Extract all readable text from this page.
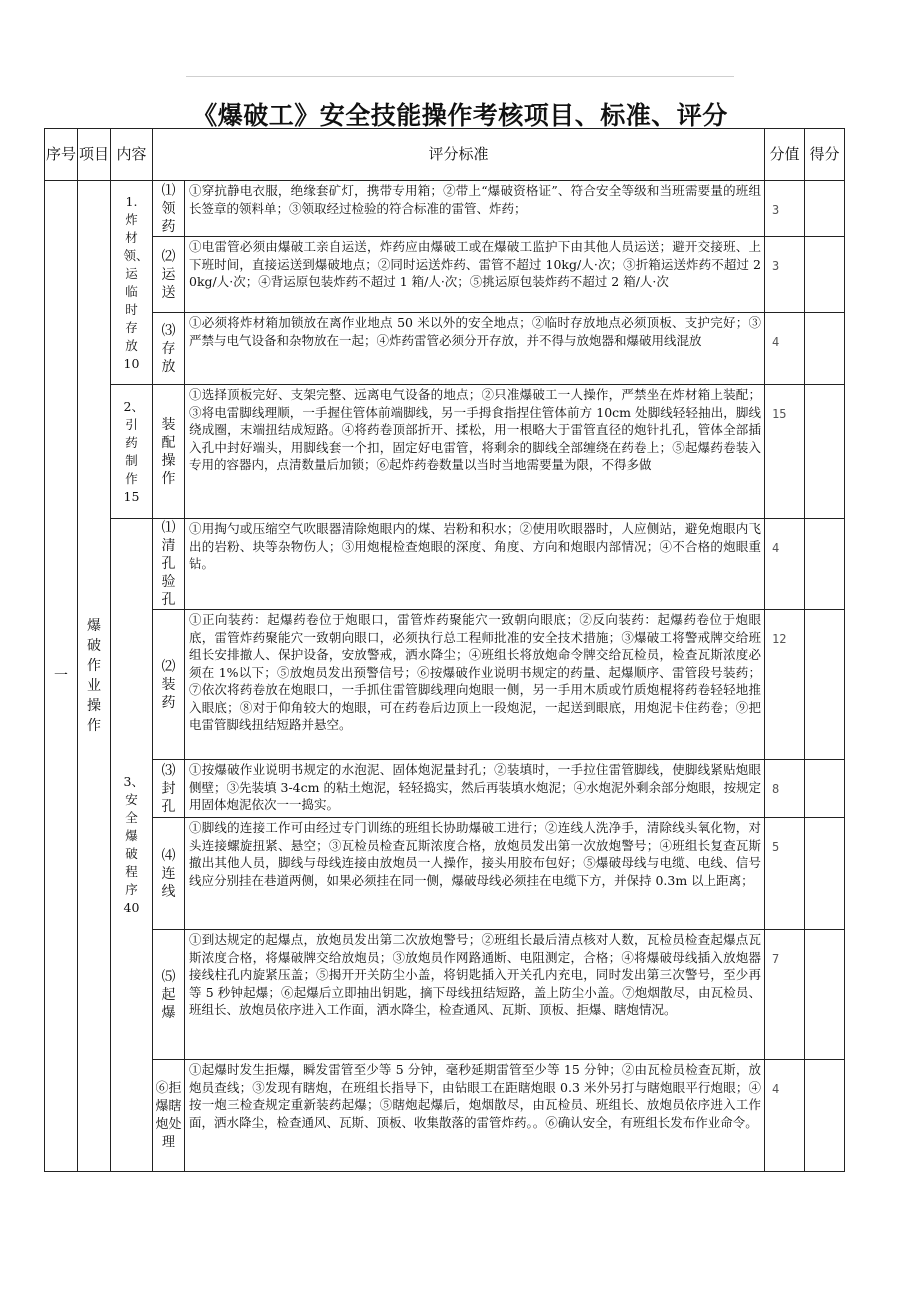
《爆破工》安全技能操作考核项目、标准、评分
序号	项目	内容	评分标准		分值	得分
一	爆破作业操作	1.炸材领、运临时存放10	⑴领药	①穿抗静电衣服，绝缘套矿灯，携带专用箱；②带上“爆破资格证”、符合安全等级和当班需要量的班组长签章的领料单；③领取经过检验的符合标准的雷管、炸药；	3	

			⑵运送	①电雷管必须由爆破工亲自运送，炸药应由爆破工或在爆破工监护下由其他人员运送；避开交接班、上下班时间，直接运送到爆破地点；②同时运送炸药、雷管不超过 10kg/人·次；③折箱运送炸药不超过 20kg/人·次；④背运原包装炸药不超过 1 箱/人·次；⑤挑运原包装炸药不超过 2 箱/人·次	3	

			⑶存放	①必须将炸材箱加锁放在离作业地点 50 米以外的安全地点；②临时存放地点必须顶板、支护完好；③严禁与电气设备和杂物放在一起；④炸药雷管必须分开存放，并不得与放炮器和爆破用线混放	4	

		2、引药制作15	装配操作	①选择顶板完好、支架完整、远离电气设备的地点；②只准爆破工一人操作，严禁坐在炸材箱上装配；③将电雷脚线理顺，一手握住管体前端脚线，另一手拇食指捏住管体前方 10cm 处脚线轻轻抽出，脚线绕成圈，末端扭结成短路。④将药卷顶部折开、揉松，用一根略大于雷管直径的炮针扎孔，管体全部插入孔中封好端头，用脚线套一个扣，固定好电雷管，将剩余的脚线全部缠绕在药卷上；⑤起爆药卷装入专用的容器内，点清数量后加锁；⑥起炸药卷数量以当时当地需要量为限，不得多做	15	

		3、安全爆破程序40	⑴清孔验孔	①用掏勺或压缩空气吹眼器清除炮眼内的煤、岩粉和积水；②使用吹眼器时，人应侧站，避免炮眼内飞出的岩粉、块等杂物伤人；③用炮棍检查炮眼的深度、角度、方向和炮眼内部情况；④不合格的炮眼重钻。	4	

			⑵装药	①正向装药：起爆药卷位于炮眼口，雷管炸药聚能穴一致朝向眼底；②反向装药：起爆药卷位于炮眼底，雷管炸药聚能穴一致朝向眼口，必须执行总工程师批准的安全技术措施；③爆破工将警戒牌交给班组长安排撤人、保护设备，安放警戒，洒水降尘；④班组长将放炮命令牌交给瓦检员，检查瓦斯浓度必须在 1%以下；⑤放炮员发出预警信号；⑥按爆破作业说明书规定的药量、起爆顺序、雷管段号装药；⑦依次将药卷放在炮眼口，一手抓住雷管脚线理向炮眼一侧，另一手用木质或竹质炮棍将药卷轻轻地推入眼底；⑧对于仰角较大的炮眼，可在药卷后边顶上一段炮泥，一起送到眼底，用炮泥卡住药卷；⑨把电雷管脚线扭结短路并悬空。	12	

			⑶封孔	①按爆破作业说明书规定的水泡泥、固体炮泥量封孔；②装填时，一手拉住雷管脚线，使脚线紧贴炮眼侧壁；③先装填 3-4cm 的粘土炮泥，轻轻捣实，然后再装填水炮泥；④水炮泥外剩余部分炮眼，按规定用固体炮泥依次一一捣实。	8	

			⑷连线	①脚线的连接工作可由经过专门训练的班组长协助爆破工进行；②连线人洗净手，清除线头氧化物，对头连接螺旋扭紧、悬空；③瓦检员检查瓦斯浓度合格，放炮员发出第一次放炮警号；④班组长复查瓦斯撤出其他人员，脚线与母线连接由放炮员一人操作，接头用胶布包好；⑤爆破母线与电缆、电线、信号线应分别挂在巷道两侧，如果必须挂在同一侧，爆破母线必须挂在电缆下方，并保持 0.3m 以上距离；	5	

			⑸起爆	①到达规定的起爆点，放炮员发出第二次放炮警号；②班组长最后清点核对人数，瓦检员检查起爆点瓦斯浓度合格，将爆破牌交给放炮员；③放炮员作网路通断、电阻测定，合格；④将爆破母线插入放炮器接线柱孔内旋紧压盖；⑤揭开开关防尘小盖，将钥匙插入开关孔内充电，同时发出第三次警号，至少再等 5 秒钟起爆；⑥起爆后立即抽出钥匙，摘下母线扭结短路，盖上防尘小盖。⑦炮烟散尽，由瓦检员、班组长、放炮员依序进入工作面，洒水降尘，检查通风、瓦斯、顶板、拒爆、瞎炮情况。	7	

			⑥拒爆瞎炮处理	①起爆时发生拒爆，瞬发雷管至少等 5 分钟，毫秒延期雷管至少等 15 分钟；②由瓦检员检查瓦斯，放炮员查线；③发现有瞎炮，在班组长指导下，由钻眼工在距瞎炮眼 0.3 米外另打与瞎炮眼平行炮眼；④按一炮三检查规定重新装药起爆；⑤瞎炮起爆后，炮烟散尽，由瓦检员、班组长、放炮员依序进入工作面，洒水降尘，检查通风、瓦斯、顶板、收集散落的雷管炸药。。⑥确认安全，有班组长发布作业命令。	4	
